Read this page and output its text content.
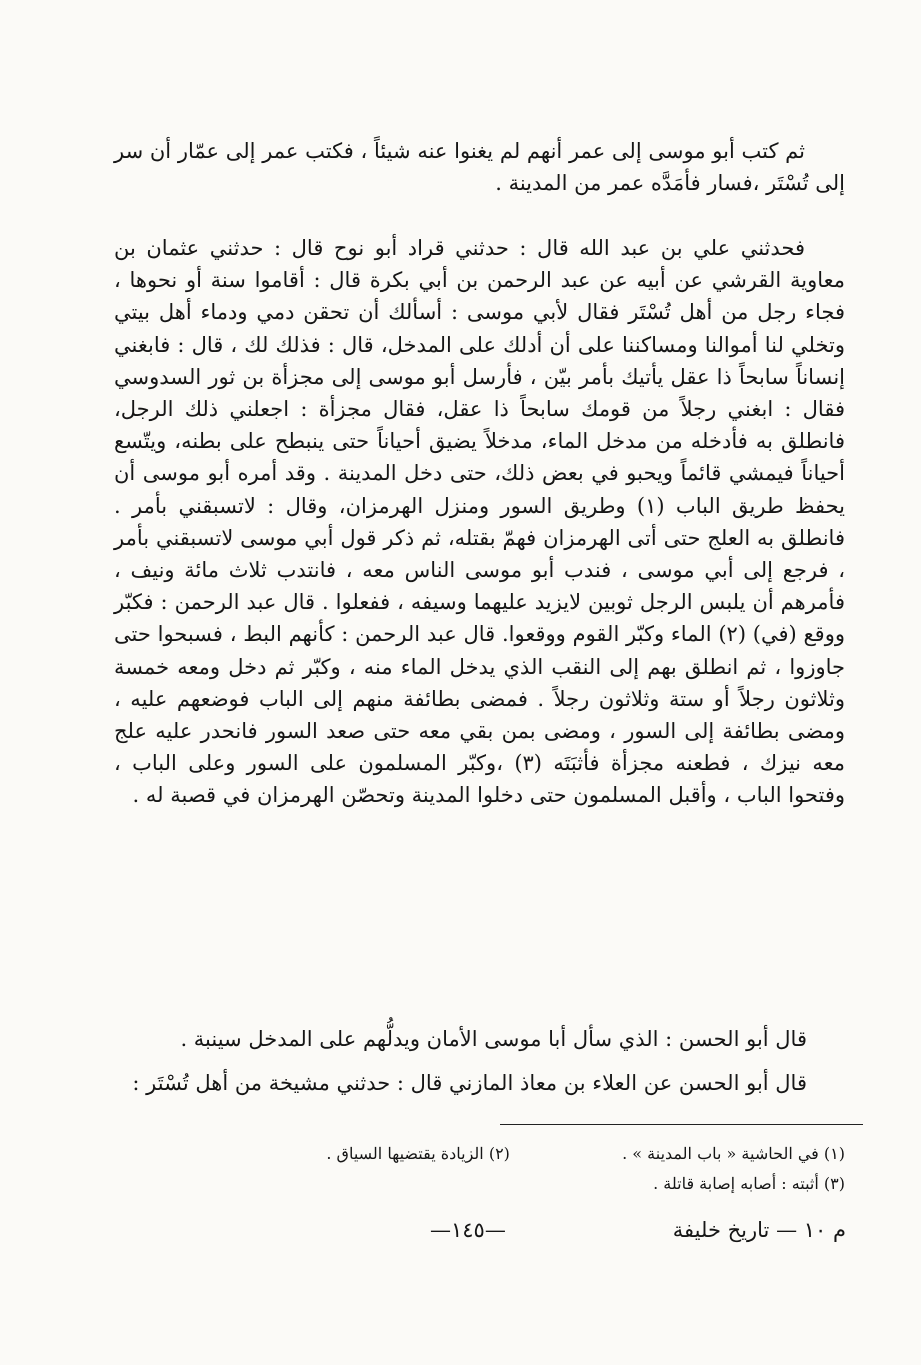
ثم كتب أبو موسى إلى عمر أنهم لم يغنوا عنه شيئاً ، فكتب عمر إلى عمّار أن سر إلى تُسْتَر ،فسار فأمَدَّه عمر من المدينة .

فحدثني علي بن عبد الله قال : حدثني قراد أبو نوح قال : حدثني عثمان بن معاوية القرشي عن أبيه عن عبد الرحمن بن أبي بكرة قال : أقاموا سنة أو نحوها ، فجاء رجل من أهل تُسْتَر فقال لأبي موسى : أسألك أن تحقن دمي ودماء أهل بيتي وتخلي لنا أموالنا ومساكننا على أن أدلك على المدخل، قال : فذلك لك ، قال : فابغني إنساناً سابحاً ذا عقل يأتيك بأمر بيّن ، فأرسل أبو موسى إلى مجزأة بن ثور السدوسي فقال : ابغني رجلاً من قومك سابحاً ذا عقل، فقال مجزأة : اجعلني ذلك الرجل، فانطلق به فأدخله من مدخل الماء، مدخلاً يضيق أحياناً حتى ينبطح على بطنه، ويتّسع أحياناً فيمشي قائماً ويحبو في بعض ذلك، حتى دخل المدينة . وقد أمره أبو موسى أن يحفظ طريق الباب (١) وطريق السور ومنزل الهرمزان، وقال : لاتسبقني بأمر . فانطلق به العلج حتى أتى الهرمزان فهمّ بقتله، ثم ذكر قول أبي موسى لاتسبقني بأمر ، فرجع إلى أبي موسى ، فندب أبو موسى الناس معه ، فانتدب ثلاث مائة ونيف ، فأمرهم أن يلبس الرجل ثوبين لايزيد عليهما وسيفه ، ففعلوا . قال عبد الرحمن : فكبّر ووقع (في) (٢) الماء وكبّر القوم ووقعوا. قال عبد الرحمن : كأنهم البط ، فسبحوا حتى جاوزوا ، ثم انطلق بهم إلى النقب الذي يدخل الماء منه ، وكبّر ثم دخل ومعه خمسة وثلاثون رجلاً أو ستة وثلاثون رجلاً . فمضى بطائفة منهم إلى الباب فوضعهم عليه ، ومضى بطائفة إلى السور ، ومضى بمن بقي معه حتى صعد السور فانحدر عليه علج معه نيزك ، فطعنه مجزأة فأثبَتَه (٣) ،وكبّر المسلمون على السور وعلى الباب ، وفتحوا الباب ، وأقبل المسلمون حتى دخلوا المدينة وتحصّن الهرمزان في قصبة له .

قال أبو الحسن : الذي سأل أبا موسى الأمان ويدلُّهم على المدخل سينبة .

قال أبو الحسن عن العلاء بن معاذ المازني قال : حدثني مشيخة من أهل تُسْتَر :

(١) في الحاشية « باب المدينة » . (٢) الزيادة يقتضيها السياق .
(٣) أثبته : أصابه إصابة قاتلة .
م ١٠ — تاريخ خليفة
—١٤٥—
